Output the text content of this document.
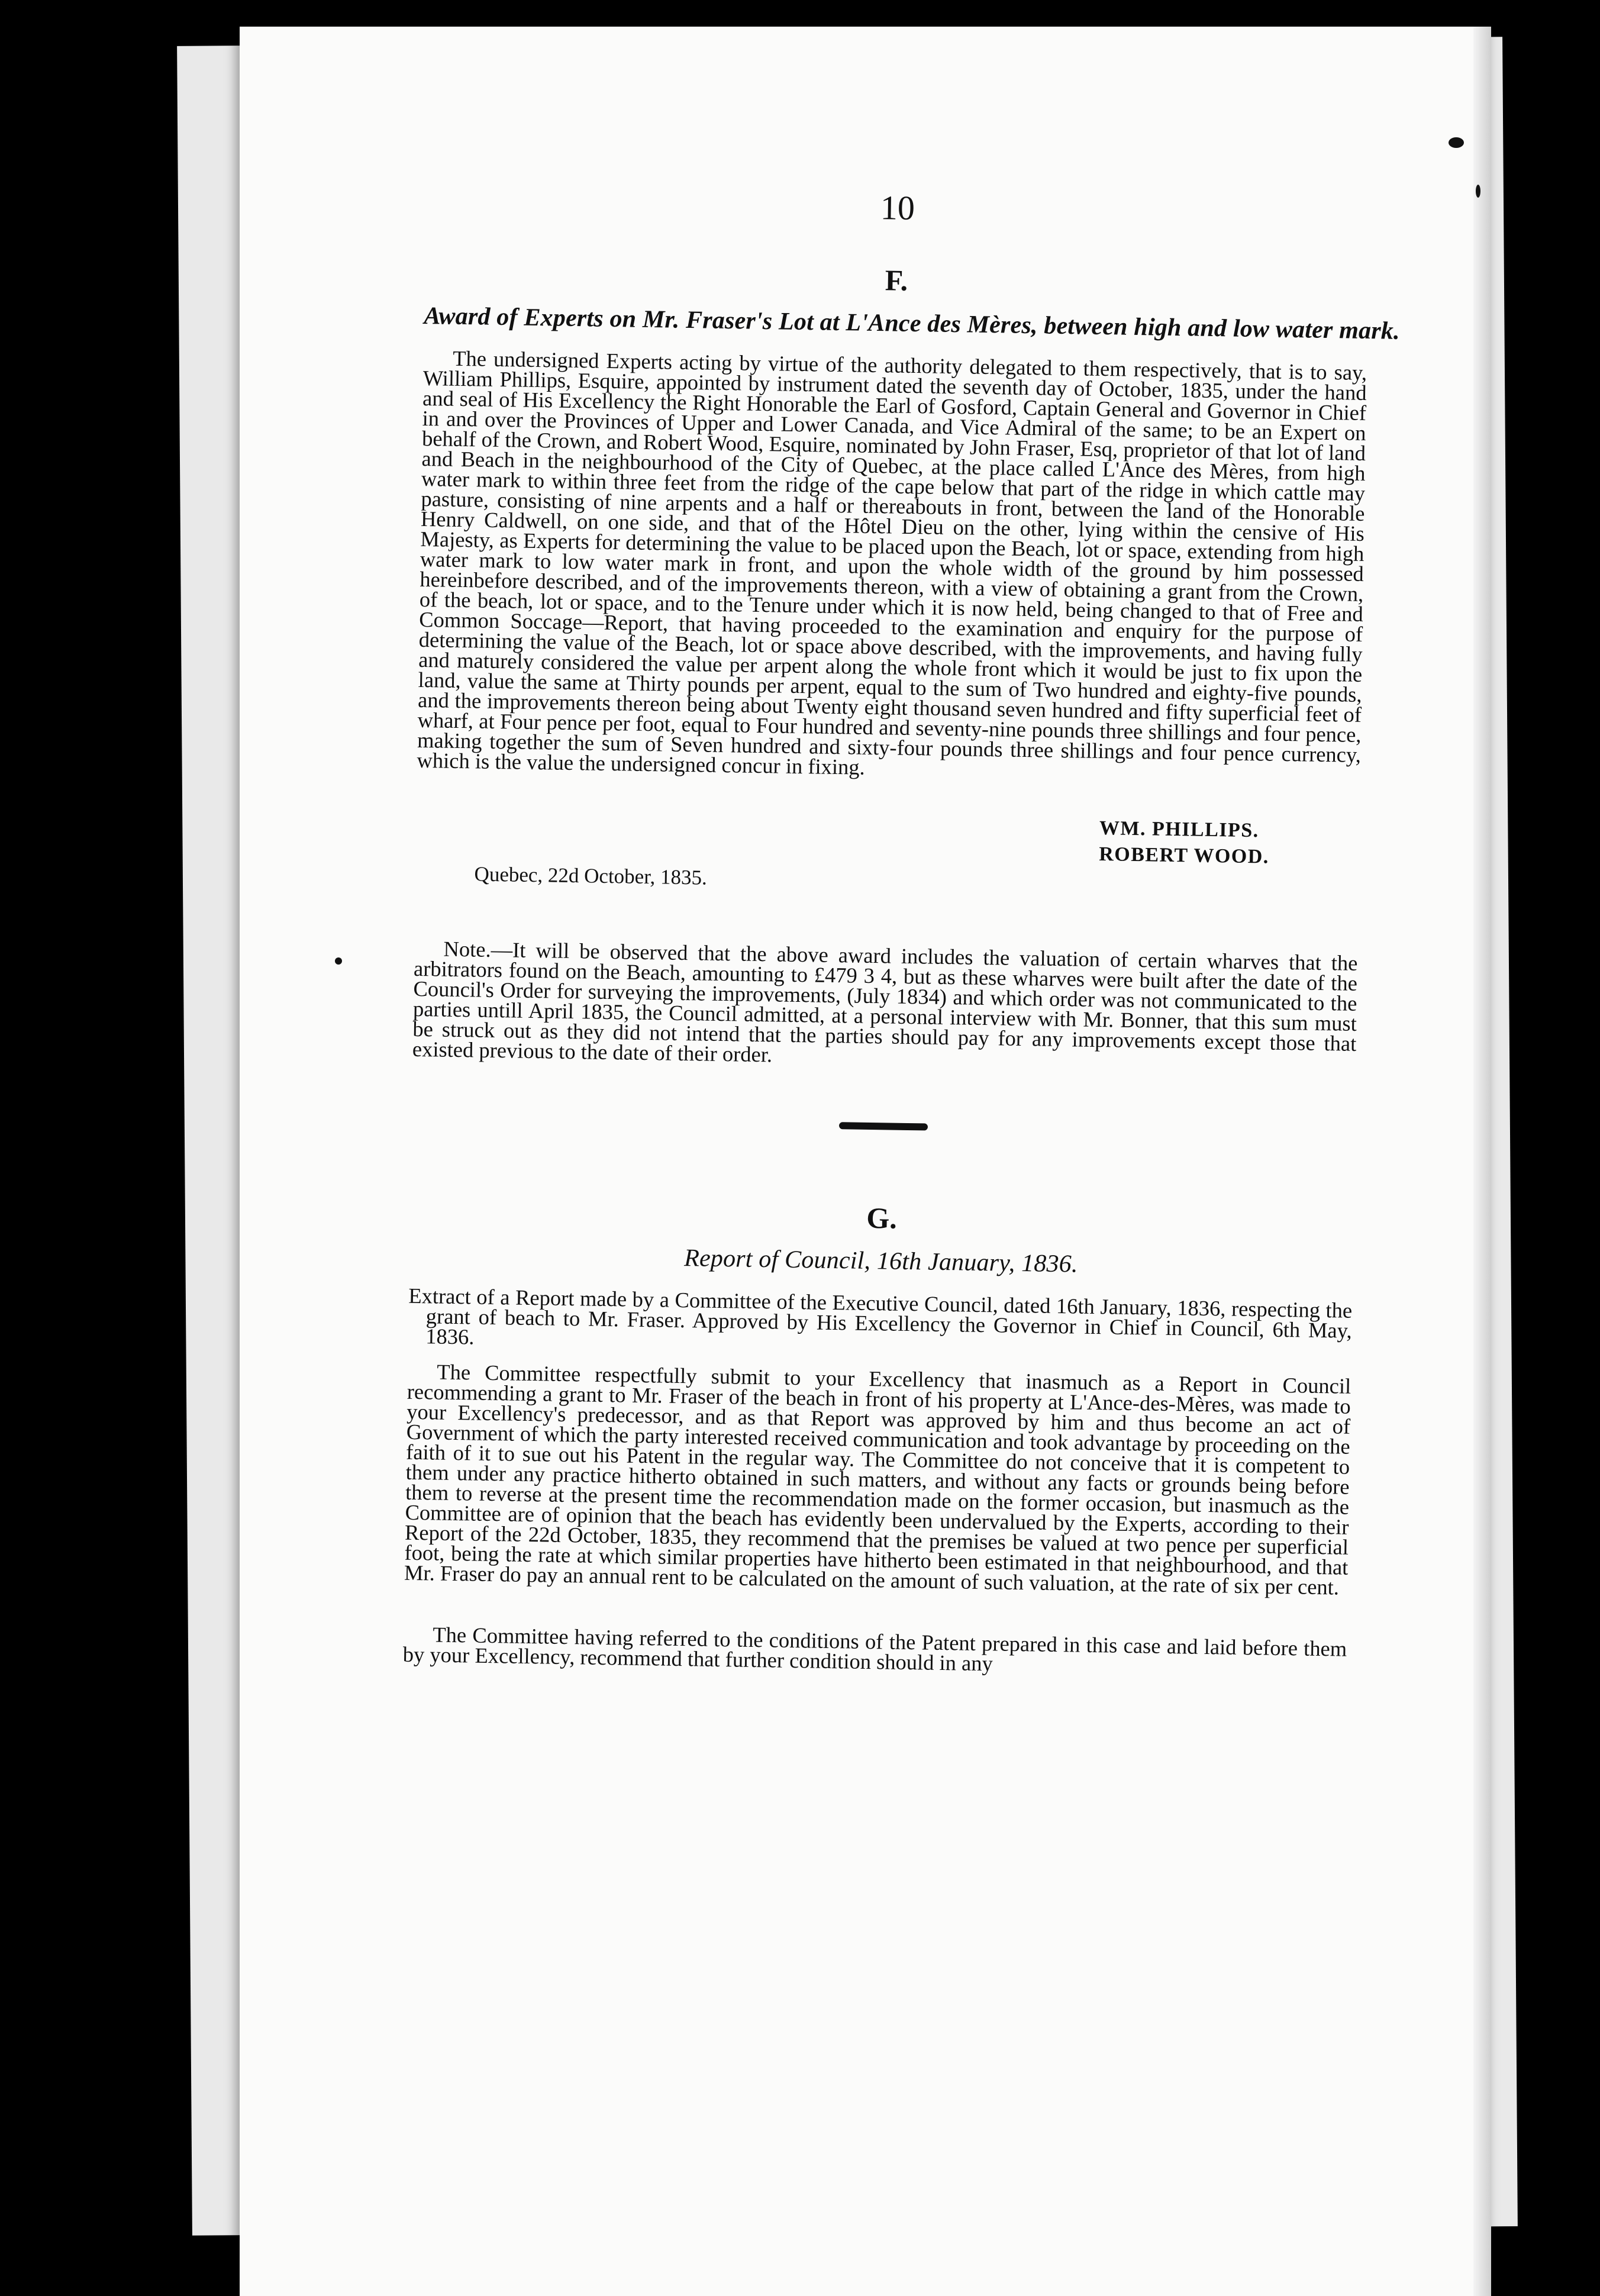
10
F.
Award of Experts on Mr. Fraser's Lot at L'Ance des Mères, between high and low water mark.

The undersigned Experts acting by virtue of the authority delegated to them respectively, that is to say, William Phillips, Esquire, appointed by instrument dated the seventh day of October, 1835, under the hand and seal of His Excellency the Right Honorable the Earl of Gosford, Captain General and Governor in Chief in and over the Provinces of Upper and Lower Canada, and Vice Admiral of the same; to be an Expert on behalf of the Crown, and Robert Wood, Esquire, nominated by John Fraser, Esq, proprietor of that lot of land and Beach in the neighbourhood of the City of Quebec, at the place called L'Ance des Mères, from high water mark to within three feet from the ridge of the cape below that part of the ridge in which cattle may pasture, consisting of nine arpents and a half or thereabouts in front, between the land of the Honorable Henry Caldwell, on one side, and that of the Hôtel Dieu on the other, lying within the censive of His Majesty, as Experts for determining the value to be placed upon the Beach, lot or space, extending from high water mark to low water mark in front, and upon the whole width of the ground by him possessed hereinbefore described, and of the improvements thereon, with a view of obtaining a grant from the Crown, of the beach, lot or space, and to the Tenure under which it is now held, being changed to that of Free and Common Soccage—Report, that having proceeded to the examination and enquiry for the purpose of determining the value of the Beach, lot or space above described, with the improvements, and having fully and maturely considered the value per arpent along the whole front which it would be just to fix upon the land, value the same at Thirty pounds per arpent, equal to the sum of Two hundred and eighty-five pounds, and the improvements thereon being about Twenty eight thousand seven hundred and fifty superficial feet of wharf, at Four pence per foot, equal to Four hundred and seventy-nine pounds three shillings and four pence, making together the sum of Seven hundred and sixty-four pounds three shillings and four pence currency, which is the value the undersigned concur in fixing.

WM. PHILLIPS.
ROBERT WOOD.
Quebec, 22d October, 1835.

Note.—It will be observed that the above award includes the valuation of certain wharves that the arbitrators found on the Beach, amounting to £479 3 4, but as these wharves were built after the date of the Council's Order for surveying the improvements, (July 1834) and which order was not communicated to the parties untill April 1835, the Council admitted, at a personal interview with Mr. Bonner, that this sum must be struck out as they did not intend that the parties should pay for any improvements except those that existed previous to the date of their order.

G.
Report of Council, 16th January, 1836.

Extract of a Report made by a Committee of the Executive Council, dated 16th January, 1836, respecting the grant of beach to Mr. Fraser. Approved by His Excellency the Governor in Chief in Council, 6th May, 1836.

The Committee respectfully submit to your Excellency that inasmuch as a Report in Council recommending a grant to Mr. Fraser of the beach in front of his property at L'Ance-des-Mères, was made to your Excellency's predecessor, and as that Report was approved by him and thus become an act of Government of which the party interested received communication and took advantage by proceeding on the faith of it to sue out his Patent in the regular way. The Committee do not conceive that it is competent to them under any practice hitherto obtained in such matters, and without any facts or grounds being before them to reverse at the present time the recommendation made on the former occasion, but inasmuch as the Committee are of opinion that the beach has evidently been undervalued by the Experts, according to their Report of the 22d October, 1835, they recommend that the premises be valued at two pence per superficial foot, being the rate at which similar properties have hitherto been estimated in that neighbourhood, and that Mr. Fraser do pay an annual rent to be calculated on the amount of such valuation, at the rate of six per cent.

The Committee having referred to the conditions of the Patent prepared in this case and laid before them by your Excellency, recommend that further condition should in any
